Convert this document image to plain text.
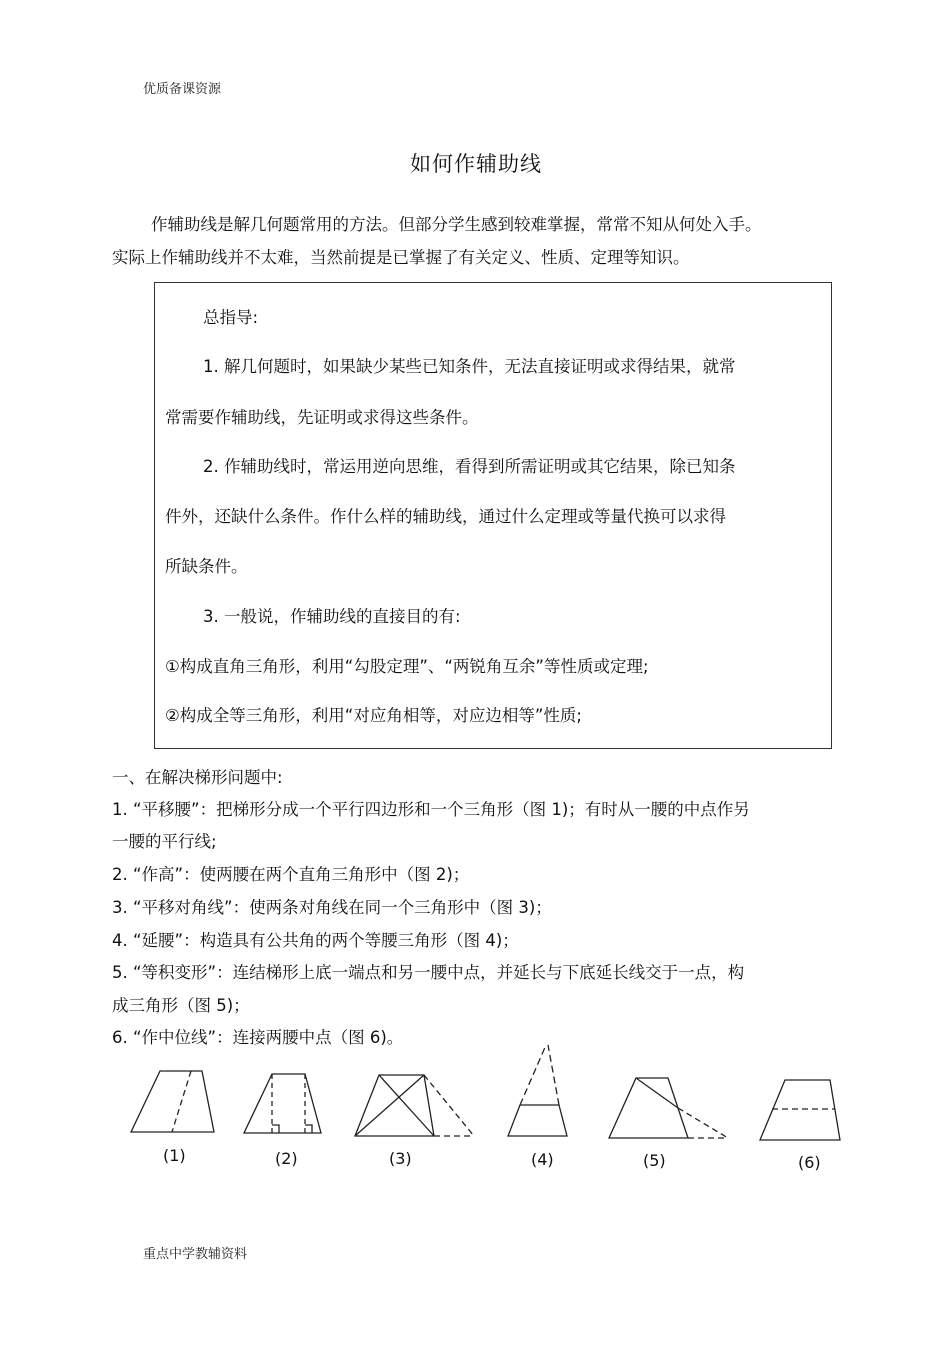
优质备课资源
如何作辅助线
作辅助线是解几何题常用的方法。但部分学生感到较难掌握，常常不知从何处入手。
实际上作辅助线并不太难，当然前提是已掌握了有关定义、性质、定理等知识。
总指导:
1. 解几何题时，如果缺少某些已知条件，无法直接证明或求得结果，就常
常需要作辅助线，先证明或求得这些条件。
2. 作辅助线时，常运用逆向思维，看得到所需证明或其它结果，除已知条
件外，还缺什么条件。作什么样的辅助线，通过什么定理或等量代换可以求得
所缺条件。
3. 一般说，作辅助线的直接目的有:
①构成直角三角形，利用“勾股定理”、“两锐角互余”等性质或定理;
②构成全等三角形，利用“对应角相等，对应边相等”性质;
一、在解决梯形问题中:
1. “平移腰”：把梯形分成一个平行四边形和一个三角形（图 1)；有时从一腰的中点作另
一腰的平行线;
2. “作高”：使两腰在两个直角三角形中（图 2)；
3. “平移对角线”：使两条对角线在同一个三角形中（图 3)；
4. “延腰”：构造具有公共角的两个等腰三角形（图 4)；
5. “等积变形”：连结梯形上底一端点和另一腰中点，并延长与下底延长线交于一点，构
成三角形（图 5)；
6. “作中位线”：连接两腰中点（图 6)。
(1)	(2)	(3)	(4)	(5)	(6)
重点中学教辅资料
